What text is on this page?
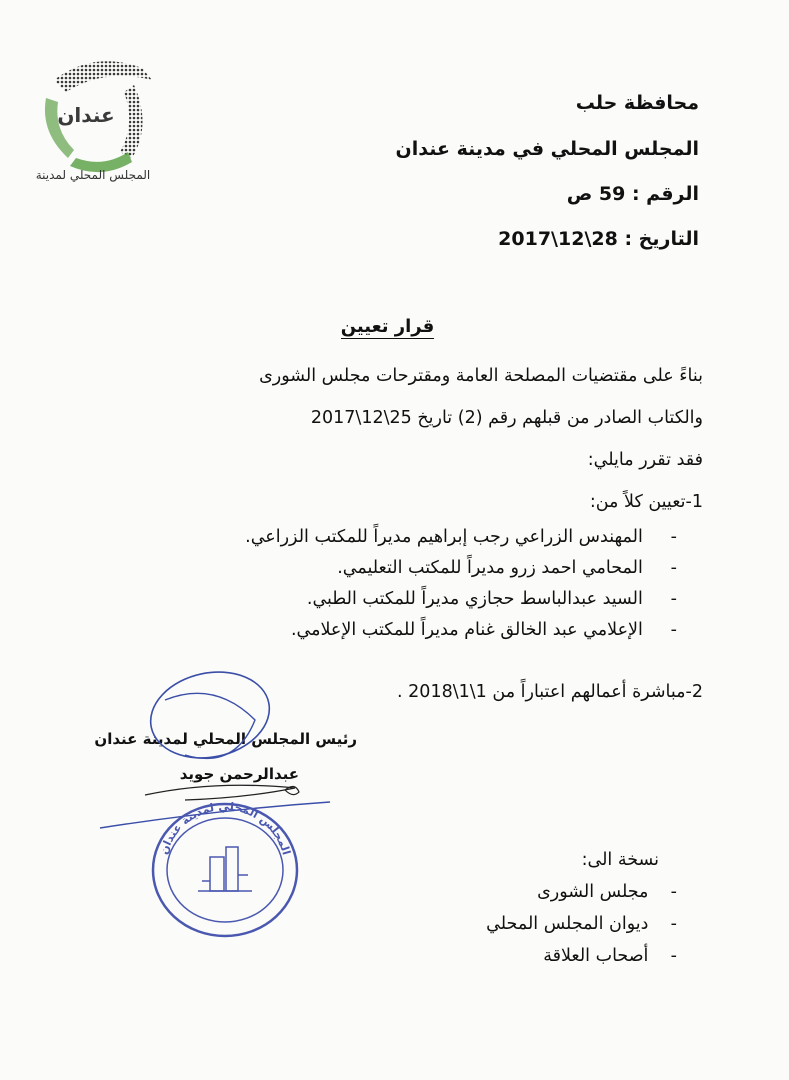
عندان
المجلس المحلي لمدينة
محافظة حلب
المجلس المحلي في مدينة عندان
الرقم : 59 ص
التاريخ : 28\12\2017
قرار تعيين
بناءً على مقتضيات المصلحة العامة ومقترحات مجلس الشورى
والكتاب الصادر من قبلهم رقم (2) تاريخ 25\12\2017
فقد تقرر مايلي:
1-تعيين كلاً من:
-     المهندس الزراعي رجب إبراهيم مديراً للمكتب الزراعي.
-     المحامي احمد زرو مديراً للمكتب التعليمي.
-     السيد عبدالباسط حجازي مديراً للمكتب الطبي.
-     الإعلامي عبد الخالق غنام مديراً للمكتب الإعلامي.
2-مباشرة أعمالهم اعتباراً من 1\1\2018 .
رئيس المجلس المحلي لمدينة عندان
عبدالرحمن جويد
المجلس المحلي لمدينة عندان	نسخة الى:
-    مجلس الشورى
-    ديوان المجلس المحلي
-    أصحاب العلاقة
